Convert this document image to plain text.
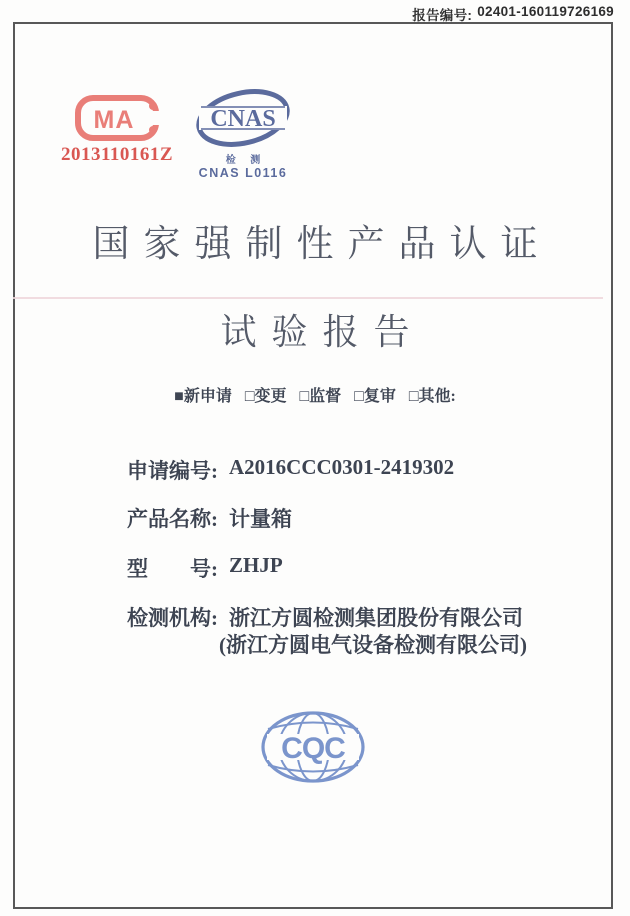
报告编号: 02401-160119726169
MA
2013110161Z
CNAS
检 测
CNAS L0116
国家强制性产品认证
试验报告
■新申请 □变更 □监督 □复审 □其他:
申请编号: A2016CCC0301-2419302
产品名称: 计量箱
型　　号: ZHJP
检测机构: 浙江方圆检测集团股份有限公司
(浙江方圆电气设备检测有限公司)
CQC
